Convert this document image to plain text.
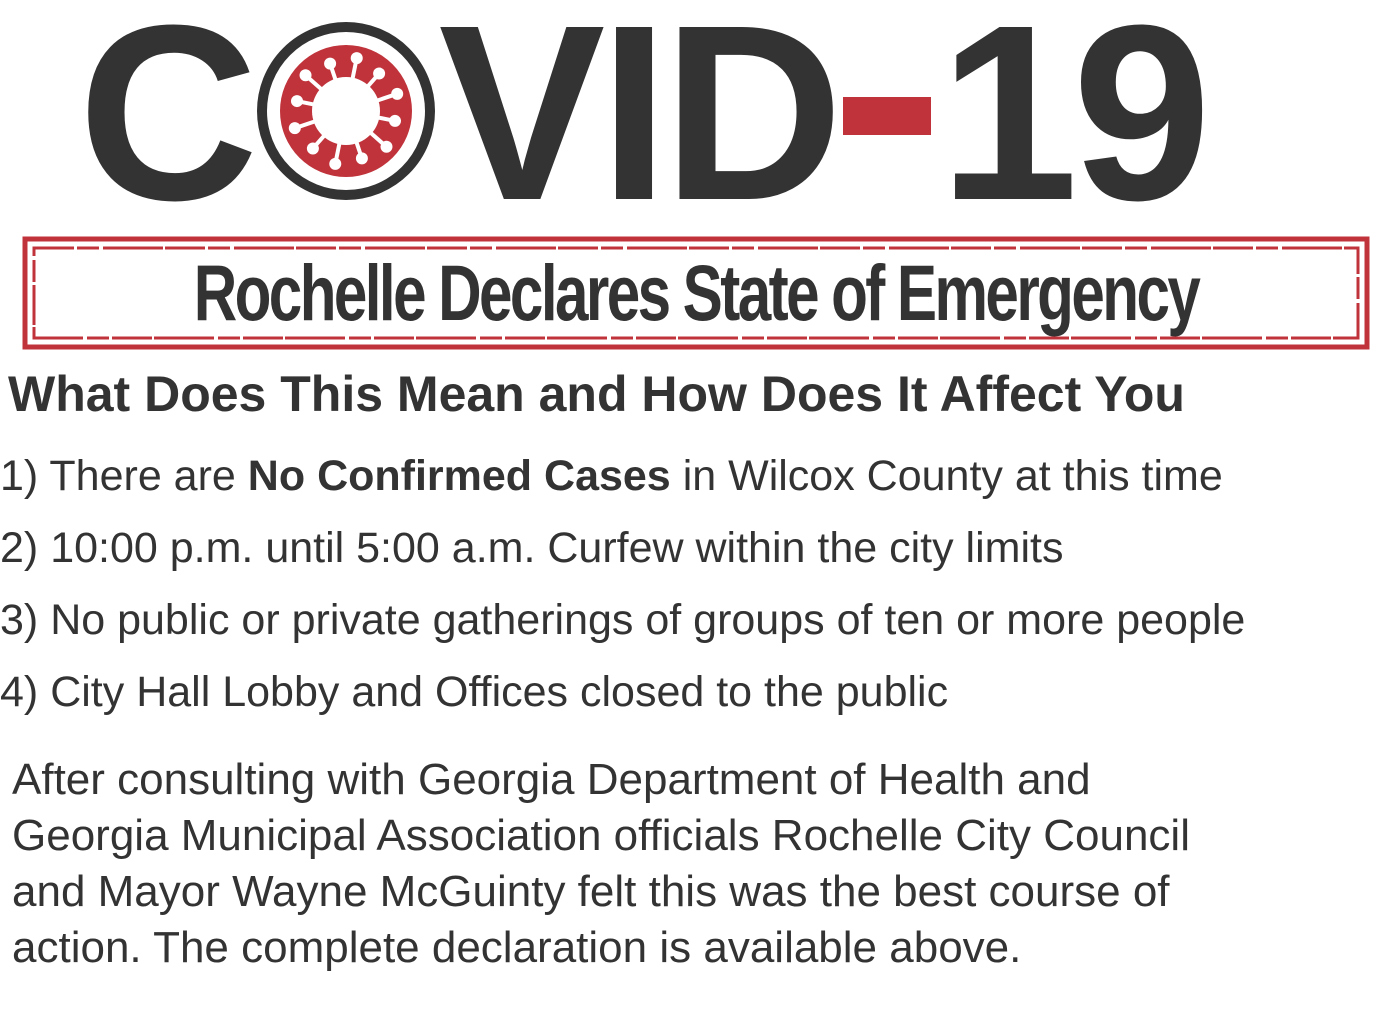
C VID 19
Rochelle Declares State of Emergency
What Does This Mean and How Does It Affect You
1) There are No Confirmed Cases in Wilcox County at this time
2) 10:00 p.m. until 5:00 a.m. Curfew within the city limits
3) No public or private gatherings of groups of ten or more people
4) City Hall Lobby and Offices closed to the public

After consulting with Georgia Department of Health and
Georgia Municipal Association officials Rochelle City Council
and Mayor Wayne McGuinty felt this was the best course of
action. The complete declaration is available above.
